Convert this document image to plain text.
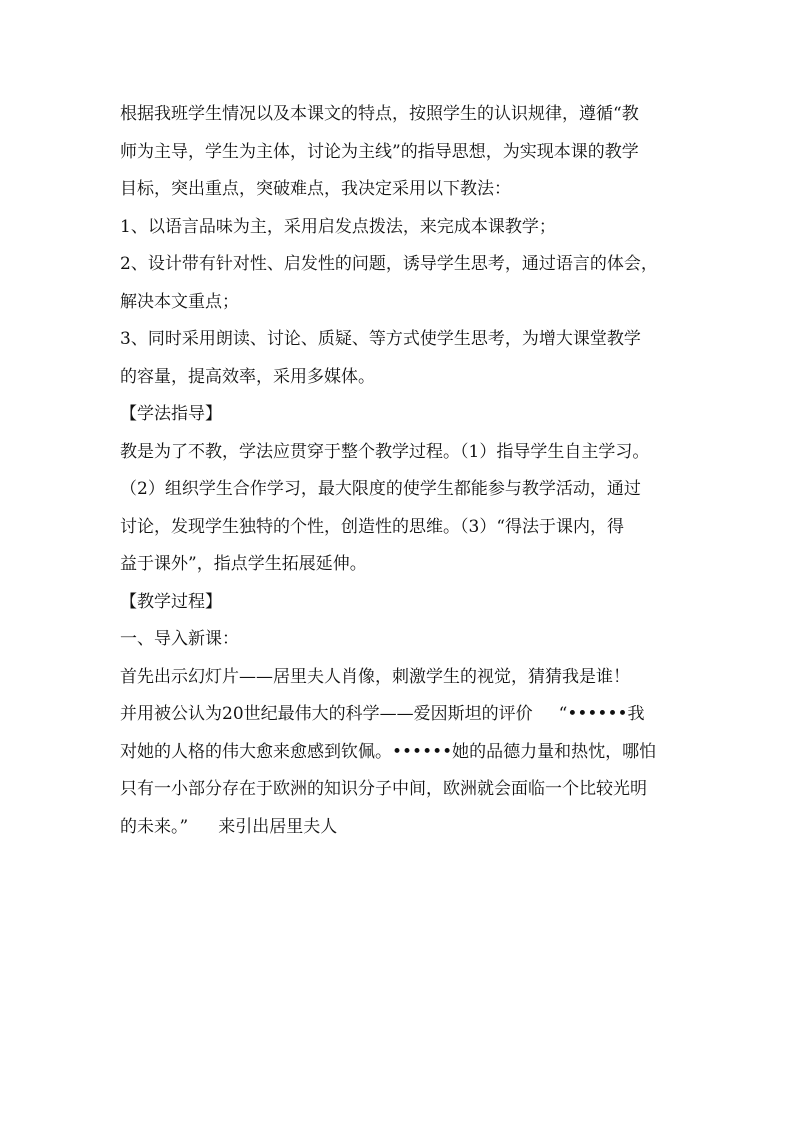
根据我班学生情况以及本课文的特点，按照学生的认识规律，遵循“教

师为主导，学生为主体，讨论为主线”的指导思想，为实现本课的教学

目标，突出重点，突破难点，我决定采用以下教法：

1、以语言品味为主，采用启发点拨法，来完成本课教学；

2、设计带有针对性、启发性的问题，诱导学生思考，通过语言的体会，

解决本文重点；

3、同时采用朗读、讨论、质疑、等方式使学生思考，为增大课堂教学

的容量，提高效率，采用多媒体。

【学法指导】

教是为了不教，学法应贯穿于整个教学过程。（1）指导学生自主学习。

（2）组织学生合作学习，最大限度的使学生都能参与教学活动，通过

讨论，发现学生独特的个性，创造性的思维。（3）“得法于课内，得

益于课外”，指点学生拓展延伸。

【教学过程】

一、导入新课：

首先出示幻灯片——居里夫人肖像，刺激学生的视觉，猜猜我是谁！

并用被公认为20世纪最伟大的科学——爱因斯坦的评价 “••••••我

对她的人格的伟大愈来愈感到钦佩。••••••她的品德力量和热忱，哪怕

只有一小部分存在于欧洲的知识分子中间，欧洲就会面临一个比较光明

的未来。” 来引出居里夫人
